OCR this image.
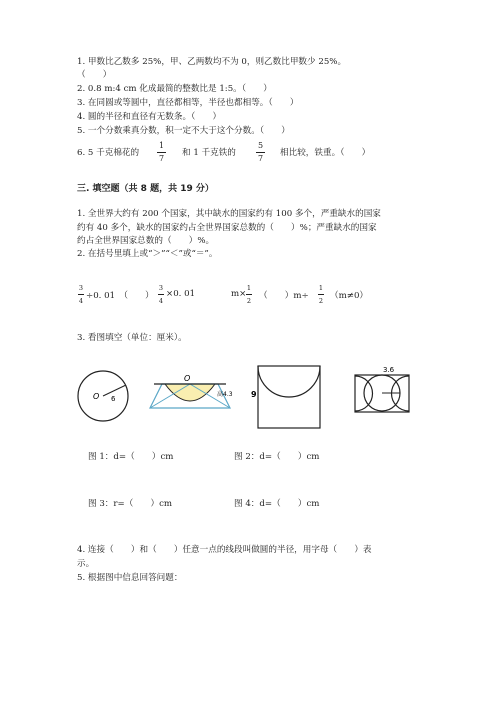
1. 甲数比乙数多 25%，甲、乙两数均不为 0，则乙数比甲数少 25%。
（　　）
2. 0.8 m:4 cm 化成最简的整数比是 1:5。（　　）
3. 在同圆或等圆中，直径都相等，半径也都相等。（　　）
4. 圆的半径和直径有无数条。（　　）
5. 一个分数乘真分数，积一定不大于这个分数。（　　）
6. 5 千克棉花的
1
7
和 1 千克铁的
5
7
相比较，铁重。（　　）
三. 填空题（共 8 题，共 19 分）
1. 全世界大约有 200 个国家，其中缺水的国家约有 100 多个，严重缺水的国家
约有 40 多个，缺水的国家约占全世界国家总数的（　　）%；严重缺水的国家
约占全世界国家总数的（　　）%。
2. 在括号里填上或“＞”“＜”或“＝”。
3
4 ÷0. 01　（　　）
3
4
×0. 01	m×
1
2 （　　）m÷
1
2 （m≠0）
3. 看图填空（单位：厘米）。
O 6
O
高4.3 9
3.6
图 1：d=（　　）cm	图 2：d=（　　）cm
图 3：r=（　　）cm	图 4：d=（　　）cm
4. 连接（　　）和（　　）任意一点的线段叫做圆的半径，用字母（　　）表
示。
5. 根据图中信息回答问题：
